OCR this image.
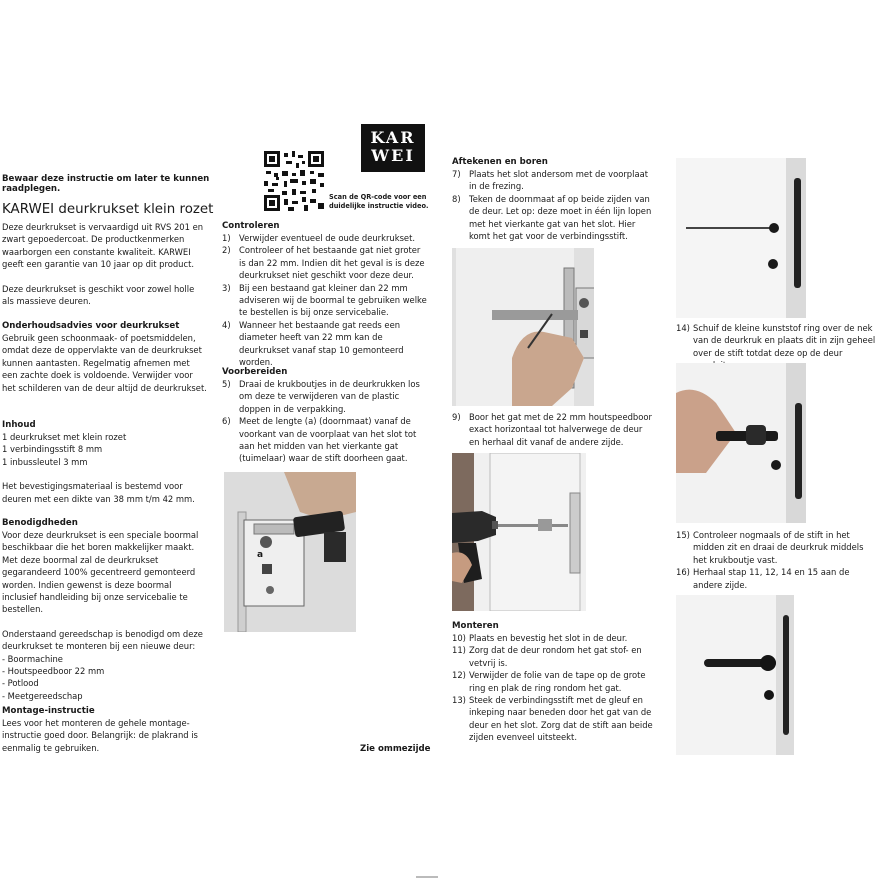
KAR
WEI
Scan de QR-code voor een duidelijke instructie video.
Bewaar deze instructie om later te kunnen raadplegen.
KARWEI deurkrukset klein rozet

Deze deurkrukset is vervaardigd uit RVS 201 en zwart gepoedercoat. De productkenmerken waarborgen een constante kwaliteit. KARWEI geeft een garantie van 10 jaar op dit product.

Deze deurkrukset is geschikt voor zowel holle als massieve deuren.

Onderhoudsadvies voor deurkrukset

Gebruik geen schoonmaak- of poetsmiddelen, omdat deze de oppervlakte van de deurkrukset kunnen aantasten. Regelmatig afnemen met een zachte doek is voldoende. Verwijder voor het schilderen van de deur altijd de deurkrukset.

Inhoud
1 deurkrukset met klein rozet
1 verbindingsstift 8 mm
1 inbussleutel 3 mm

Het bevestigingsmateriaal is bestemd voor deuren met een dikte van 38 mm t/m 42 mm.

Benodigdheden

Voor deze deurkrukset is een speciale boormal beschikbaar die het boren makkelijker maakt. Met deze boormal zal de deurkrukset gegarandeerd 100% gecentreerd gemonteerd worden. Indien gewenst is deze boormal inclusief handleiding bij onze servicebalie te bestellen.

Onderstaand gereedschap is benodigd om deze deurkrukset te monteren bij een nieuwe deur:

- Boormachine
- Houtspeedboor 22 mm
- Potlood
- Meetgereedschap
Montage-instructie

Lees voor het monteren de gehele montage-instructie goed door. Belangrijk: de plakrand is eenmalig te gebruiken.

Controleren
1) Verwijder eventueel de oude deurkrukset.
2) Controleer of het bestaande gat niet groter is dan 22 mm. Indien dit het geval is is deze deurkrukset niet geschikt voor deze deur.
3) Bij een bestaand gat kleiner dan 22 mm adviseren wij de boormal te gebruiken welke te bestellen is bij onze servicebalie.
4) Wanneer het bestaande gat reeds een diameter heeft van 22 mm kan de deurkrukset vanaf stap 10 gemonteerd worden.
Voorbereiden
5) Draai de krukboutjes in de deurkrukken los om deze te verwijderen van de plastic doppen in de verpakking.
6) Meet de lengte (a) (doornmaat) vanaf de voorkant van de voorplaat van het slot tot aan het midden van het vierkante gat (tuimelaar) waar de stift doorheen gaat.
a
Zie ommezijde
Aftekenen en boren
7) Plaats het slot andersom met de voorplaat in de frezing.
8) Teken de doornmaat af op beide zijden van de deur. Let op: deze moet in één lijn lopen met het vierkante gat van het slot. Hier komt het gat voor de verbindingsstift.
9) Boor het gat met de 22 mm houtspeedboor exact horizontaal tot halverwege de deur en herhaal dit vanaf de andere zijde.
Monteren
10) Plaats en bevestig het slot in de deur.
11) Zorg dat de deur rondom het gat stof- en vetvrij is.
12) Verwijder de folie van de tape op de grote ring en plak de ring rondom het gat.
13) Steek de verbindingsstift met de gleuf en inkeping naar beneden door het gat van de deur en het slot. Zorg dat de stift aan beide zijden evenveel uitsteekt.
14) Schuif de kleine kunststof ring over de nek van de deurkruk en plaats dit in zijn geheel over de stift totdat deze op de deur
15) Controleer nogmaals of de stift in het midden zit en draai de deurkruk middels het krukboutje vast.
16) Herhaal stap 11, 12, 14 en 15 aan de andere zijde.
